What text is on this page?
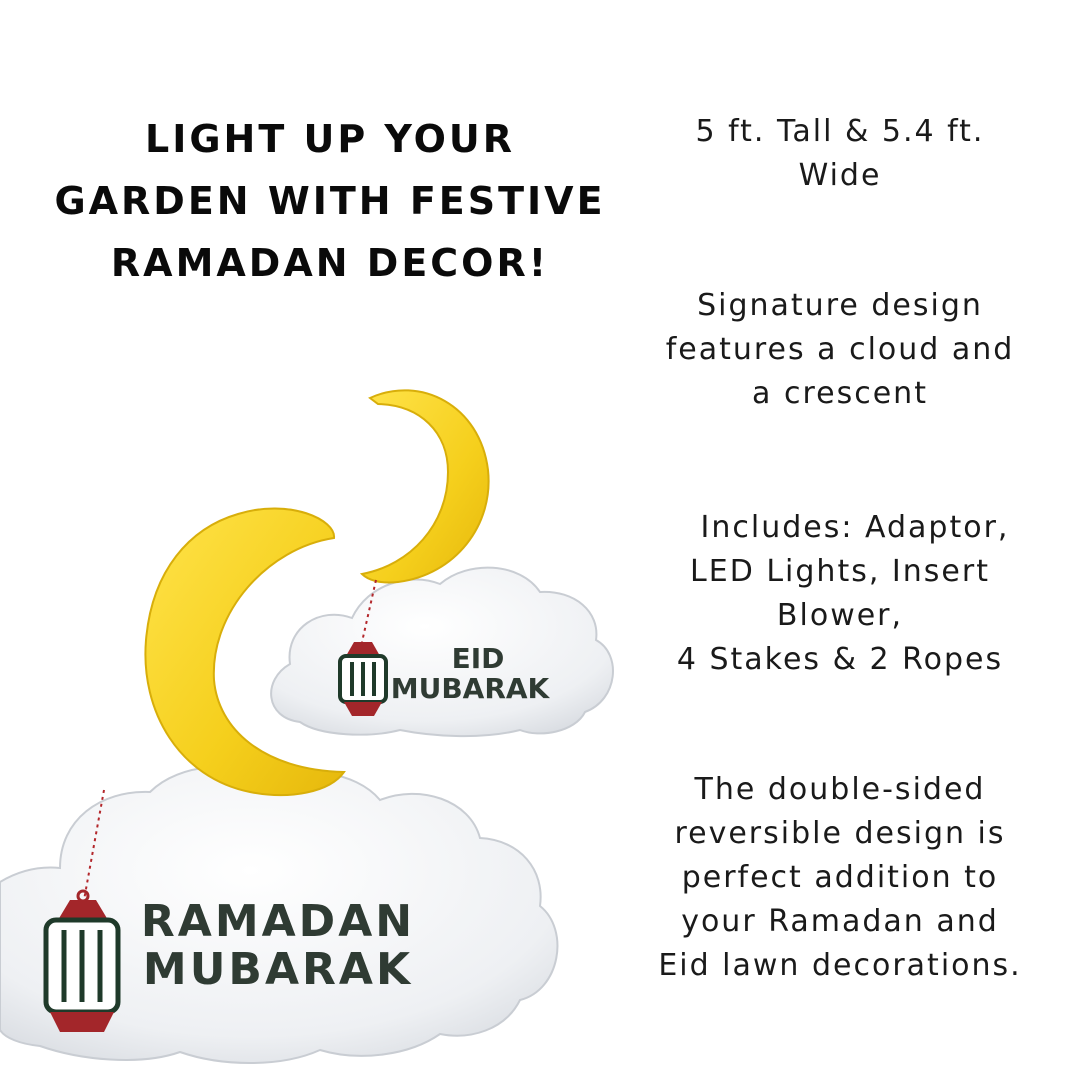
LIGHT UP YOUR
GARDEN WITH FESTIVE
RAMADAN DECOR!
5 ft. Tall & 5.4 ft.
Wide
Signature design
features a cloud and
a crescent
Includes: Adaptor,
LED Lights, Insert
Blower,
4 Stakes & 2 Ropes
The double-sided
reversible design is
perfect addition to
your Ramadan and
Eid lawn decorations.
EID
MUBARAK
RAMADAN
MUBARAK
